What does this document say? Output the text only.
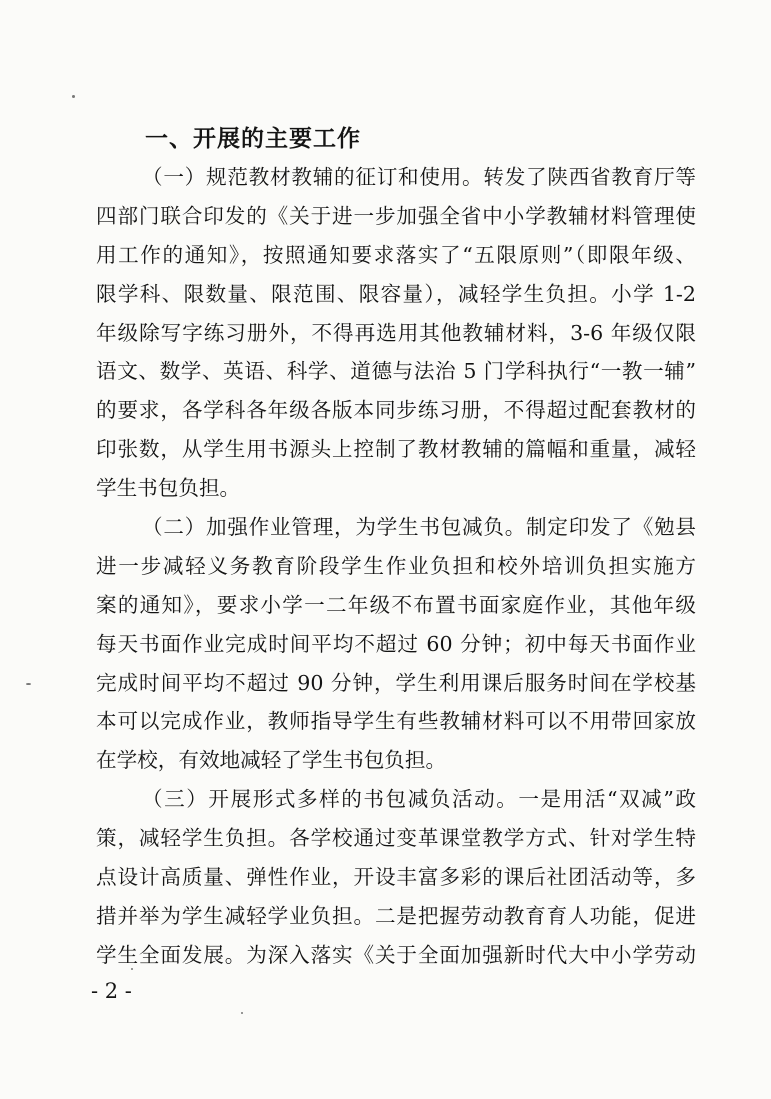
一、开展的主要工作
（一）规范教材教辅的征订和使用。转发了陕西省教育厅等
四部门联合印发的《关于进一步加强全省中小学教辅材料管理使
用工作的通知》，按照通知要求落实了“五限原则”（即限年级、
限学科、限数量、限范围、限容量），减轻学生负担。小学 1-2
年级除写字练习册外，不得再选用其他教辅材料，3-6 年级仅限
语文、数学、英语、科学、道德与法治 5 门学科执行“一教一辅”
的要求，各学科各年级各版本同步练习册，不得超过配套教材的
印张数，从学生用书源头上控制了教材教辅的篇幅和重量，减轻
学生书包负担。
（二）加强作业管理，为学生书包减负。制定印发了《勉县
进一步减轻义务教育阶段学生作业负担和校外培训负担实施方
案的通知》，要求小学一二年级不布置书面家庭作业，其他年级
每天书面作业完成时间平均不超过 60 分钟；初中每天书面作业
完成时间平均不超过 90 分钟，学生利用课后服务时间在学校基
本可以完成作业，教师指导学生有些教辅材料可以不用带回家放
在学校，有效地减轻了学生书包负担。
（三）开展形式多样的书包减负活动。一是用活“双减”政
策，减轻学生负担。各学校通过变革课堂教学方式、针对学生特
点设计高质量、弹性作业，开设丰富多彩的课后社团活动等，多
措并举为学生减轻学业负担。二是把握劳动教育育人功能，促进
学生全面发展。为深入落实《关于全面加强新时代大中小学劳动
- 2 -
